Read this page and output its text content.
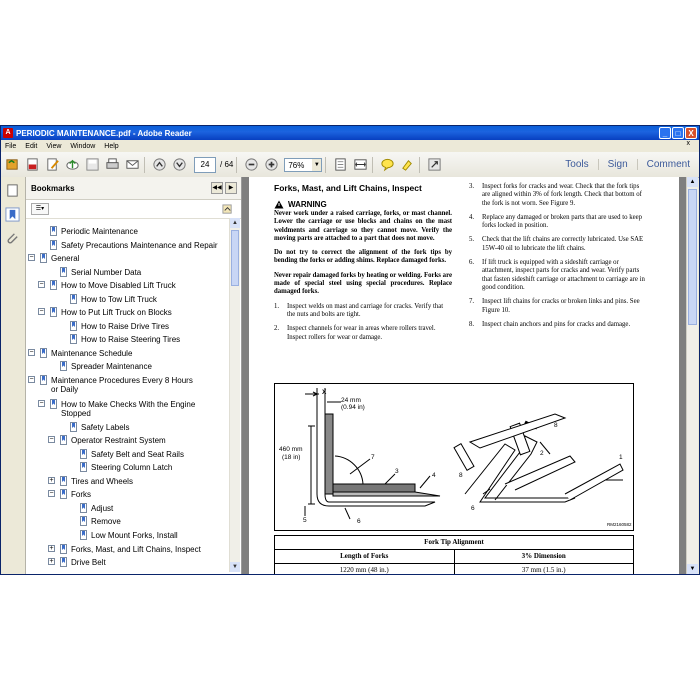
A PERIODIC MAINTENANCE.pdf - Adobe Reader	_	□ X
File Edit View Window Help	x
24	/ 64	76% ▼	Tools	Sign	Comment
Bookmarks	◀◀	▶
☰▾
Periodic Maintenance
Safety Precautions Maintenance and Repair
− General
Serial Number Data
− How to Move Disabled Lift Truck
How to Tow Lift Truck
− How to Put Lift Truck on Blocks
How to Raise Drive Tires
How to Raise Steering Tires
− Maintenance Schedule
Spreader Maintenance
− Maintenance Procedures Every 8 Hours or Daily
− How to Make Checks With the Engine Stopped
Safety Labels
− Operator Restraint System
Safety Belt and Seat Rails
Steering Column Latch
+ Tires and Wheels
− Forks
Adjust
Remove
Low Mount Forks, Install
+ Forks, Mast, and Lift Chains, Inspect
+ Drive Belt
▲
▼
Forks, Mast, and Lift Chains, Inspect
WARNING
Never work under a raised carriage, forks, or mast channel. Lower the carriage or use blocks and chains on the mast weldments and carriage so they cannot move. Verify the moving parts are attached to a part that does not move.
Do not try to correct the alignment of the fork tips by bending the forks or adding shims. Replace damaged forks.
Never repair damaged forks by heating or welding. Forks are made of special steel using special procedures. Replace damaged forks.
1.	Inspect welds on mast and carriage for cracks. Verify that the nuts and bolts are tight.
2.	Inspect channels for wear in areas where rollers travel. Inspect rollers for wear or damage.
3.	Inspect forks for cracks and wear. Check that the fork tips are aligned within 3% of fork length. Check that bottom of the fork is not worn. See Figure 9.
4.	Replace any damaged or broken parts that are used to keep forks locked in position.
5.	Check that the lift chains are correctly lubricated. Use SAE 15W-40 oil to lubricate the lift chains.
6.	If lift truck is equipped with a sideshift carriage or attachment, inspect parts for cracks and wear. Verify parts that fasten sideshift carriage or attachment to carriage are in good condition.
7.	Inspect lift chains for cracks or broken links and pins. See Figure 10.
8.	Inspect chain anchors and pins for cracks and damage.
X
24 mm
(0.94 in)
460 mm
(18 in)	7
3
4
5	6
6
8
2
8
1
RM2160582
Fork Tip Alignment
Length of Forks	3% Dimension
1220 mm (48 in.)	37 mm (1.5 in.)
▲
▼
